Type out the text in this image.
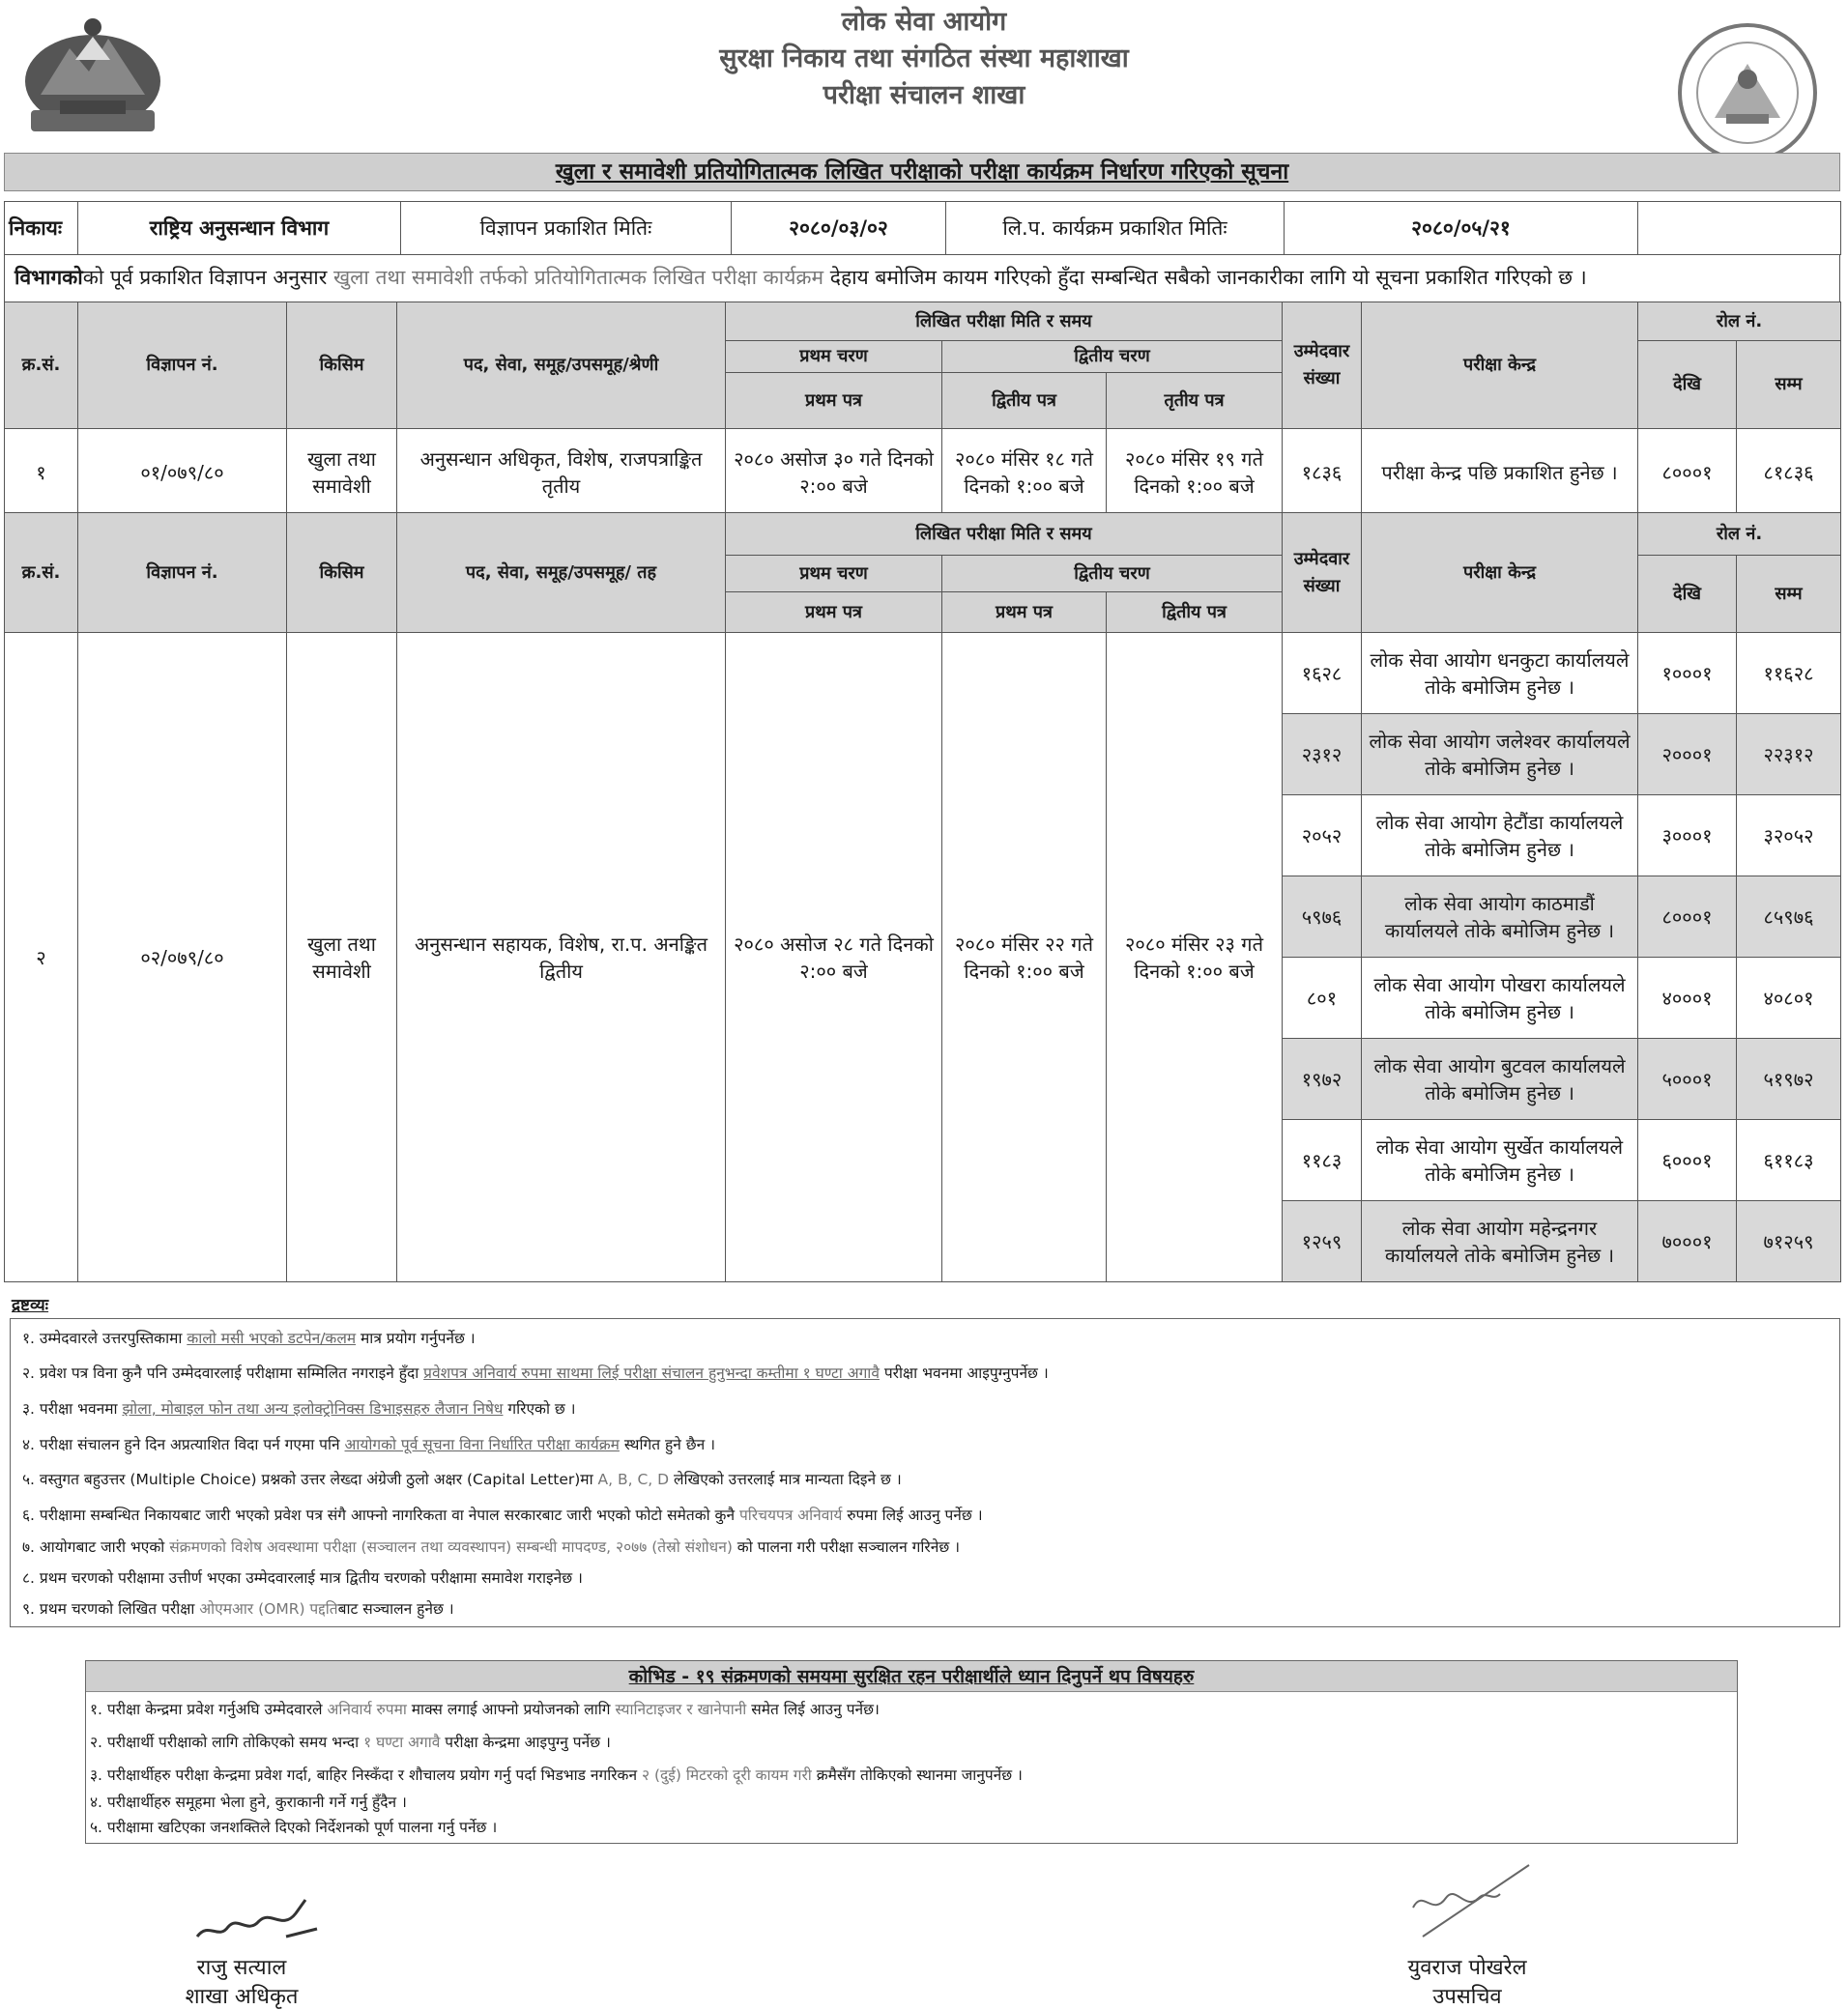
लोक सेवा आयोग
सुरक्षा निकाय तथा संगठित संस्था महाशाखा
परीक्षा संचालन शाखा
खुला र समावेशी प्रतियोगितात्मक लिखित परीक्षाको परीक्षा कार्यक्रम निर्धारण गरिएको सूचना
निकायः	राष्ट्रिय अनुसन्धान विभाग	विज्ञापन प्रकाशित मितिः	२०८०/०३/०२	लि.प. कार्यक्रम प्रकाशित मितिः	२०८०/०५/२१	
विभागकोको पूर्व प्रकाशित विज्ञापन अनुसार खुला तथा समावेशी तर्फको प्रतियोगितात्मक लिखित परीक्षा कार्यक्रम देहाय बमोजिम कायम गरिएको हुँदा सम्बन्धित सबैको जानकारीका लागि यो सूचना प्रकाशित गरिएको छ ।
क्र.सं.	विज्ञापन नं.	किसिम	पद, सेवा, समूह/उपसमूह/श्रेणी	लिखित परीक्षा मिति र समय			उम्मेदवार संख्या	परीक्षा केन्द्र	रोल नं.	
				प्रथम चरण	द्वितीय चरण				देखि	सम्म
				प्रथम पत्र	द्वितीय पत्र	तृतीय पत्र				
१	०१/०७९/८०	खुला तथा समावेशी	अनुसन्धान अधिकृत, विशेष, राजपत्राङ्कित तृतीय	२०८० असोज ३० गते दिनको २:०० बजे	२०८० मंसिर १८ गते दिनको १:०० बजे	२०८० मंसिर १९ गते दिनको १:०० बजे	१८३६	परीक्षा केन्द्र पछि प्रकाशित हुनेछ ।	८०००१	८१८३६
क्र.सं.	विज्ञापन नं.	किसिम	पद, सेवा, समूह/उपसमूह/ तह	लिखित परीक्षा मिति र समय			उम्मेदवार संख्या	परीक्षा केन्द्र	रोल नं.	
				प्रथम चरण	द्वितीय चरण				देखि	सम्म
				प्रथम पत्र	प्रथम पत्र	द्वितीय पत्र				
२	०२/०७९/८०	खुला तथा समावेशी	अनुसन्धान सहायक, विशेष, रा.प. अनङ्कित द्वितीय	२०८० असोज २८ गते दिनको २:०० बजे	२०८० मंसिर २२ गते दिनको १:०० बजे	२०८० मंसिर २३ गते दिनको १:०० बजे	१६२८	लोक सेवा आयोग धनकुटा कार्यालयले तोके बमोजिम हुनेछ ।	१०००१	११६२८
							२३१२	लोक सेवा आयोग जलेश्वर कार्यालयले तोके बमोजिम हुनेछ ।	२०००१	२२३१२
							२०५२	लोक सेवा आयोग हेटौंडा कार्यालयले तोके बमोजिम हुनेछ ।	३०००१	३२०५२
							५९७६	लोक सेवा आयोग काठमाडौं कार्यालयले तोके बमोजिम हुनेछ ।	८०००१	८५९७६
							८०१	लोक सेवा आयोग पोखरा कार्यालयले तोके बमोजिम हुनेछ ।	४०००१	४०८०१
							१९७२	लोक सेवा आयोग बुटवल कार्यालयले तोके बमोजिम हुनेछ ।	५०००१	५१९७२
							११८३	लोक सेवा आयोग सुर्खेत कार्यालयले तोके बमोजिम हुनेछ ।	६०००१	६११८३
							१२५९	लोक सेवा आयोग महेन्द्रनगर कार्यालयले तोके बमोजिम हुनेछ ।	७०००१	७१२५९
द्रष्टव्यः
१. उम्मेदवारले उत्तरपुस्तिकामा कालो मसी भएको डटपेन/कलम मात्र प्रयोग गर्नुपर्नेछ ।
२. प्रवेश पत्र विना कुनै पनि उम्मेदवारलाई परीक्षामा सम्मिलित नगराइने हुँदा प्रवेशपत्र अनिवार्य रुपमा साथमा लिई परीक्षा संचालन हुनुभन्दा कम्तीमा १ घण्टा अगावै परीक्षा भवनमा आइपुग्नुपर्नेछ ।
३. परीक्षा भवनमा झोला, मोबाइल फोन तथा अन्य इलोक्ट्रोनिक्स डिभाइसहरु लैजान निषेध गरिएको छ ।
४. परीक्षा संचालन हुने दिन अप्रत्याशित विदा पर्न गएमा पनि आयोगको पूर्व सूचना विना निर्धारित परीक्षा कार्यक्रम स्थगित हुने छैन ।
५. वस्तुगत बहुउत्तर (Multiple Choice) प्रश्नको उत्तर लेख्दा अंग्रेजी ठुलो अक्षर (Capital Letter)मा A, B, C, D लेखिएको उत्तरलाई मात्र मान्यता दिइने छ ।
६. परीक्षामा सम्बन्धित निकायबाट जारी भएको प्रवेश पत्र संगै आफ्नो नागरिकता वा नेपाल सरकारबाट जारी भएको फोटो समेतको कुनै परिचयपत्र अनिवार्य रुपमा लिई आउनु पर्नेछ ।
७. आयोगबाट जारी भएको संक्रमणको विशेष अवस्थामा परीक्षा (सञ्चालन तथा व्यवस्थापन) सम्बन्धी मापदण्ड, २०७७ (तेस्रो संशोधन) को पालना गरी परीक्षा सञ्चालन गरिनेछ ।
८. प्रथम चरणको परीक्षामा उत्तीर्ण भएका उम्मेदवारलाई मात्र द्वितीय चरणको परीक्षामा समावेश गराइनेछ ।
९. प्रथम चरणको लिखित परीक्षा ओएमआर (OMR) पद्दतिबाट सञ्चालन हुनेछ ।
कोभिड - १९ संक्रमणको समयमा सुरक्षित रहन परीक्षार्थीले ध्यान दिनुपर्ने थप विषयहरु
१. परीक्षा केन्द्रमा प्रवेश गर्नुअघि उम्मेदवारले अनिवार्य रुपमा माक्स लगाई आफ्नो प्रयोजनको लागि स्यानिटाइजर र खानेपानी समेत लिई आउनु पर्नेछ।
२. परीक्षार्थी परीक्षाको लागि तोकिएको समय भन्दा १ घण्टा अगावै परीक्षा केन्द्रमा आइपुग्नु पर्नेछ ।
३. परीक्षार्थीहरु परीक्षा केन्द्रमा प्रवेश गर्दा, बाहिर निस्कँदा र शौचालय प्रयोग गर्नु पर्दा भिडभाड नगरिकन २ (दुई) मिटरको दूरी कायम गरी क्रमैसँग तोकिएको स्थानमा जानुपर्नेछ ।
४. परीक्षार्थीहरु समूहमा भेला हुने, कुराकानी गर्ने गर्नु हुँदैन ।
५. परीक्षामा खटिएका जनशक्तिले दिएको निर्देशनको पूर्ण पालना गर्नु पर्नेछ ।
राजु सत्याल
शाखा अधिकृत
युवराज पोखरेल
उपसचिव
